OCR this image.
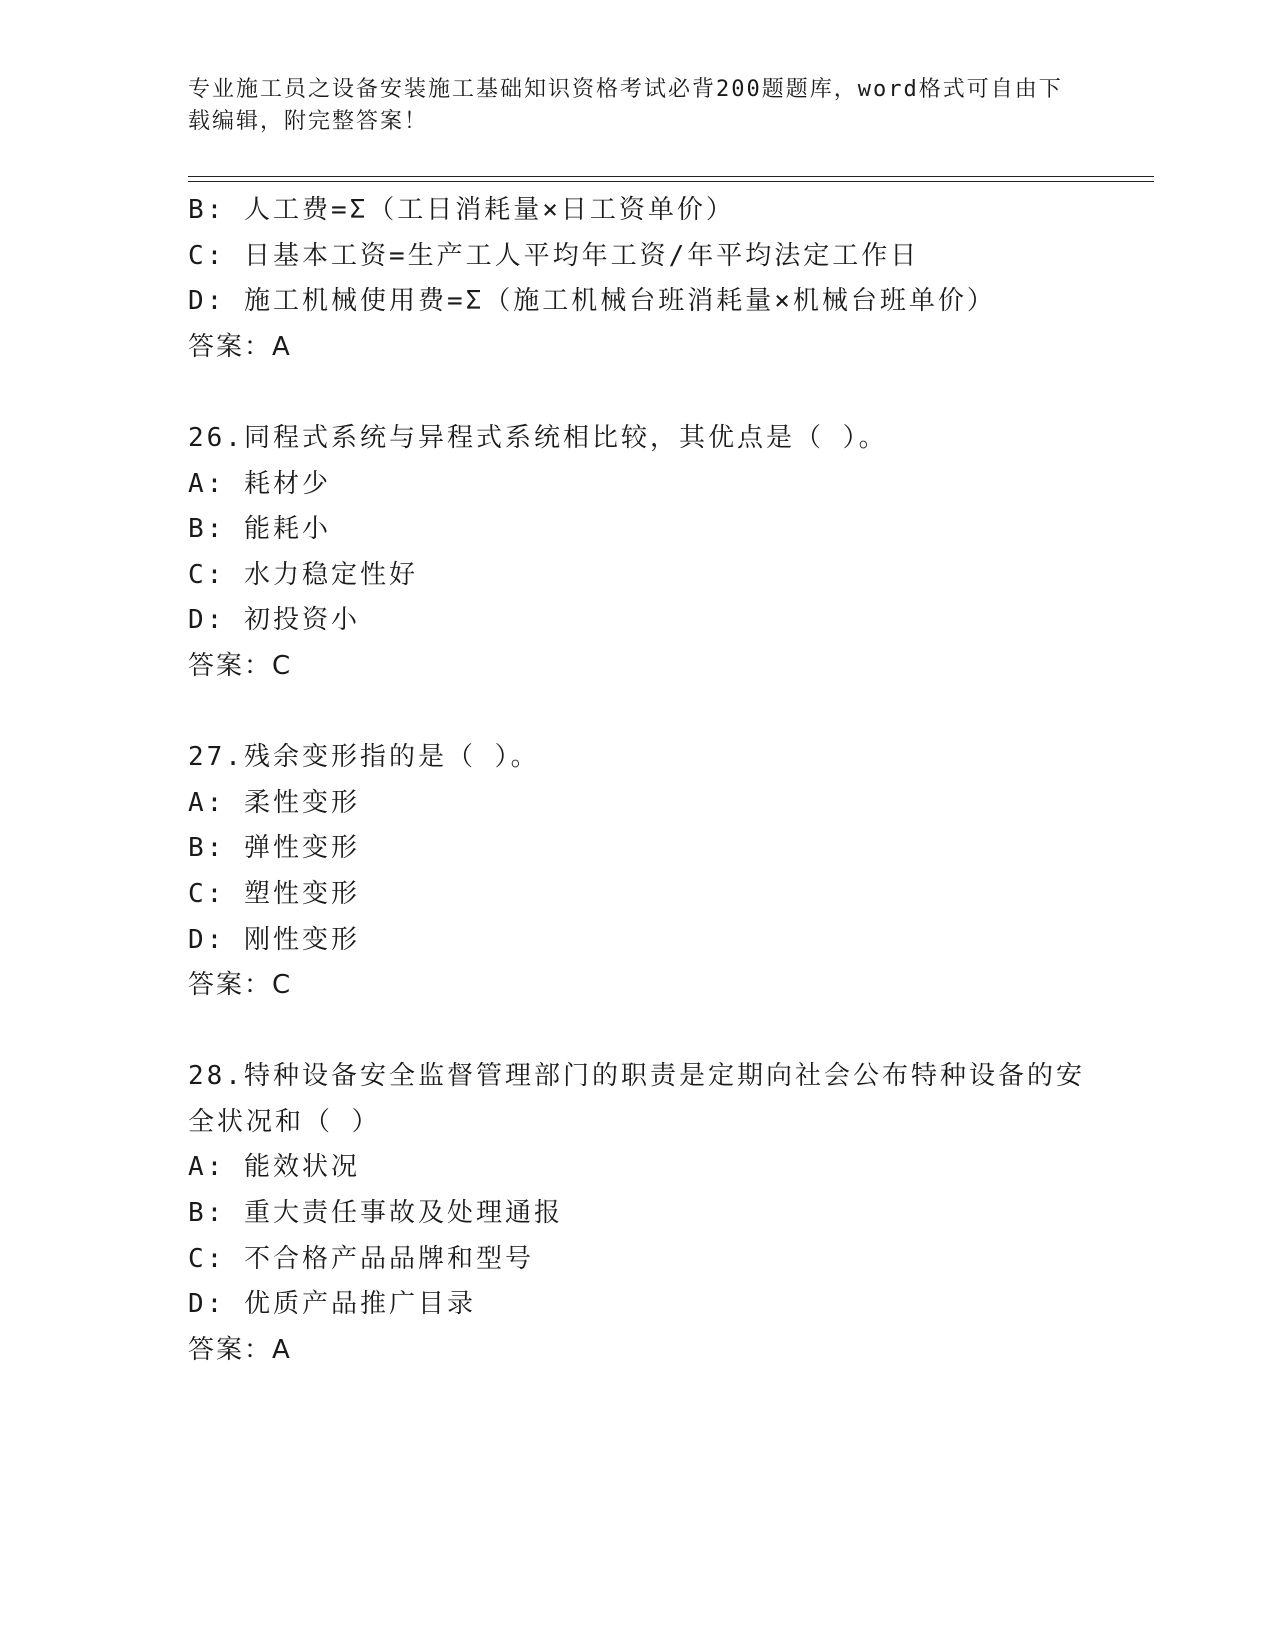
专业施工员之设备安装施工基础知识资格考试必背200题题库，word格式可自由下载编辑，附完整答案！
B: 人工费=Σ（工日消耗量×日工资单价）
C: 日基本工资=生产工人平均年工资/年平均法定工作日
D: 施工机械使用费=Σ（施工机械台班消耗量×机械台班单价）
答案：A
26.同程式系统与异程式系统相比较，其优点是（ ）。
A: 耗材少
B: 能耗小
C: 水力稳定性好
D: 初投资小
答案：C
27.残余变形指的是（ ）。
A: 柔性变形
B: 弹性变形
C: 塑性变形
D: 刚性变形
答案：C
28.特种设备安全监督管理部门的职责是定期向社会公布特种设备的安全状况和（ ）
A: 能效状况
B: 重大责任事故及处理通报
C: 不合格产品品牌和型号
D: 优质产品推广目录
答案：A
